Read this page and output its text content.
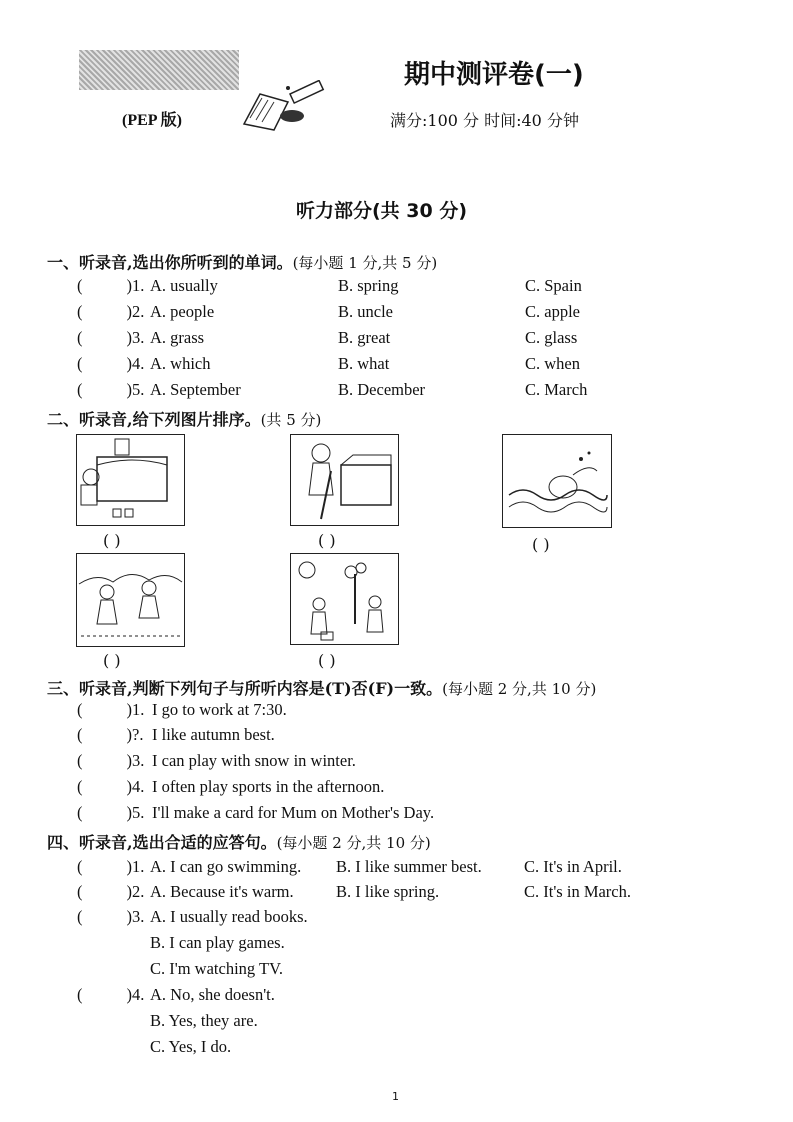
(PEP 版)
期中测评卷(一)
满分:100 分 时间:40 分钟
听力部分(共 30 分)
一、听录音,选出你所听到的单词。(每小题 1 分,共 5 分)
(	)1. A. usually	B. spring	C. Spain
(	)2. A. people	B. uncle	C. apple
(	)3. A. grass	B. great	C. glass
(	)4. A. which	B. what	C. when
(	)5. A. September	B. December	C. March
二、听录音,给下列图片排序。(共 5 分)
( )	( )	( )
( )	( )
三、听录音,判断下列句子与所听内容是(T)否(F)一致。(每小题 2 分,共 10 分)
(	)1. I go to work at 7:30.
(	)?. I like autumn best.
(	)3. I can play with snow in winter.
(	)4. I often play sports in the afternoon.
(	)5. I'll make a card for Mum on Mother's Day.
四、听录音,选出合适的应答句。(每小题 2 分,共 10 分)
(	)1. A. I can go swimming. B. I like summer best.	C. It's in April.
(	)2. A. Because it's warm.	B. I like spring.	C. It's in March.
(	)3. A. I usually read books.
B. I can play games.
C. I'm watching TV.
(	)4. A. No, she doesn't.
B. Yes, they are.
C. Yes, I do.
1
